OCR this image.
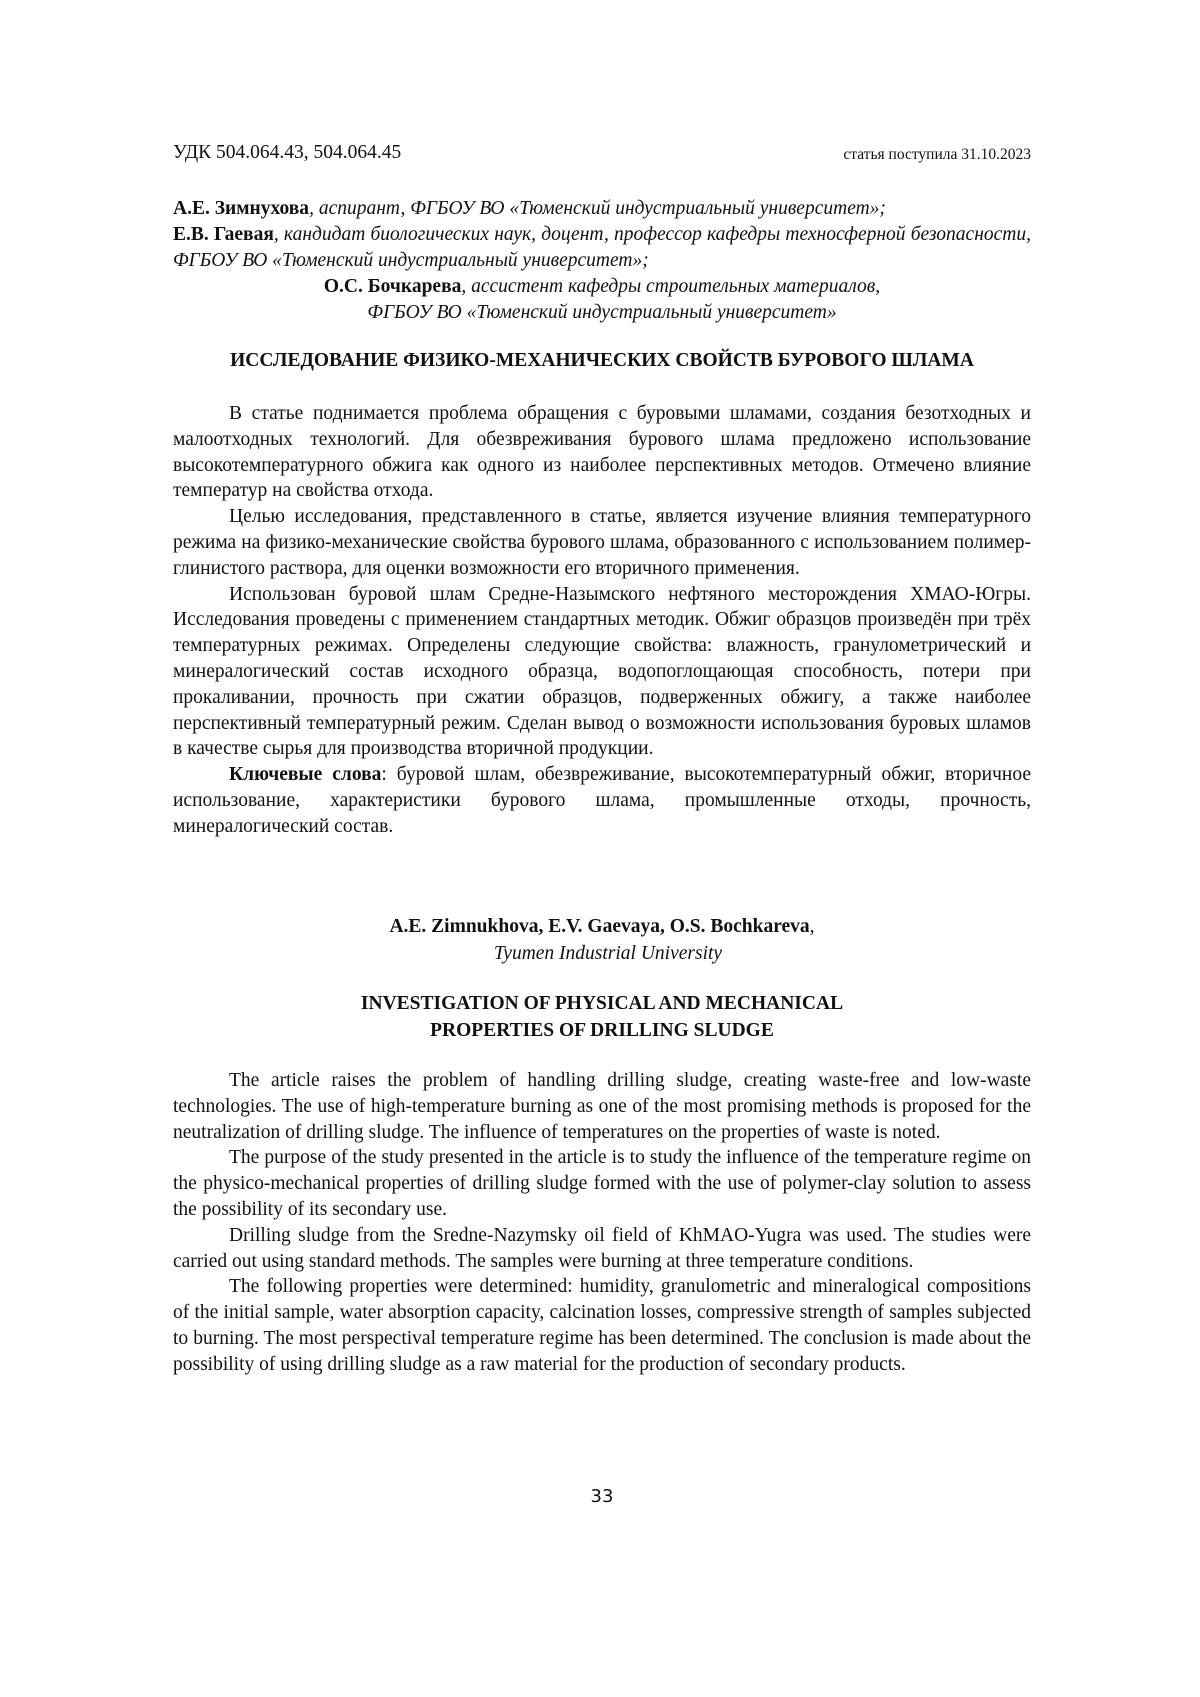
УДК 504.064.43, 504.064.45	статья поступила 31.10.2023
А.Е. Зимнухова, аспирант, ФГБОУ ВО «Тюменский индустриальный университет»;
Е.В. Гаевая, кандидат биологических наук, доцент, профессор кафедры техносферной безопасности, ФГБОУ ВО «Тюменский индустриальный университет»;
О.С. Бочкарева, ассистент кафедры строительных материалов,
ФГБОУ ВО «Тюменский индустриальный университет»
ИССЛЕДОВАНИЕ ФИЗИКО-МЕХАНИЧЕСКИХ СВОЙСТВ БУРОВОГО ШЛАМА

В статье поднимается проблема обращения с буровыми шламами, создания безотходных и малоотходных технологий. Для обезвреживания бурового шлама предложено использование высокотемпературного обжига как одного из наиболее перспективных методов. Отмечено влияние температур на свойства отхода.

Целью исследования, представленного в статье, является изучение влияния температурного режима на физико-механические свойства бурового шлама, образованного с использованием полимер-глинистого раствора, для оценки возможности его вторичного применения.

Использован буровой шлам Средне-Назымского нефтяного месторождения ХМАО-Югры. Исследования проведены с применением стандартных методик. Обжиг образцов произведён при трёх температурных режимах. Определены следующие свойства: влажность, гранулометрический и минералогический состав исходного образца, водопоглощающая способность, потери при прокаливании, прочность при сжатии образцов, подверженных обжигу, а также наиболее перспективный температурный режим. Сделан вывод о возможности использования буровых шламов в качестве сырья для производства вторичной продукции.

Ключевые слова: буровой шлам, обезвреживание, высокотемпературный обжиг, вторичное использование, характеристики бурового шлама, промышленные отходы, прочность, минералогический состав.

A.E. Zimnukhova, E.V. Gaevaya, O.S. Bochkareva,
Tyumen Industrial University
INVESTIGATION OF PHYSICAL AND MECHANICAL
PROPERTIES OF DRILLING SLUDGE

The article raises the problem of handling drilling sludge, creating waste-free and low-waste technologies. The use of high-temperature burning as one of the most promising methods is proposed for the neutralization of drilling sludge. The influence of temperatures on the properties of waste is noted.

The purpose of the study presented in the article is to study the influence of the temperature regime on the physico-mechanical properties of drilling sludge formed with the use of polymer-clay solution to assess the possibility of its secondary use.

Drilling sludge from the Sredne-Nazymsky oil field of KhMAO-Yugra was used. The studies were carried out using standard methods. The samples were burning at three temperature conditions.

The following properties were determined: humidity, granulometric and mineralogical compositions of the initial sample, water absorption capacity, calcination losses, compressive strength of samples subjected to burning. The most perspectival temperature regime has been determined. The conclusion is made about the possibility of using drilling sludge as a raw material for the production of secondary products.

33
